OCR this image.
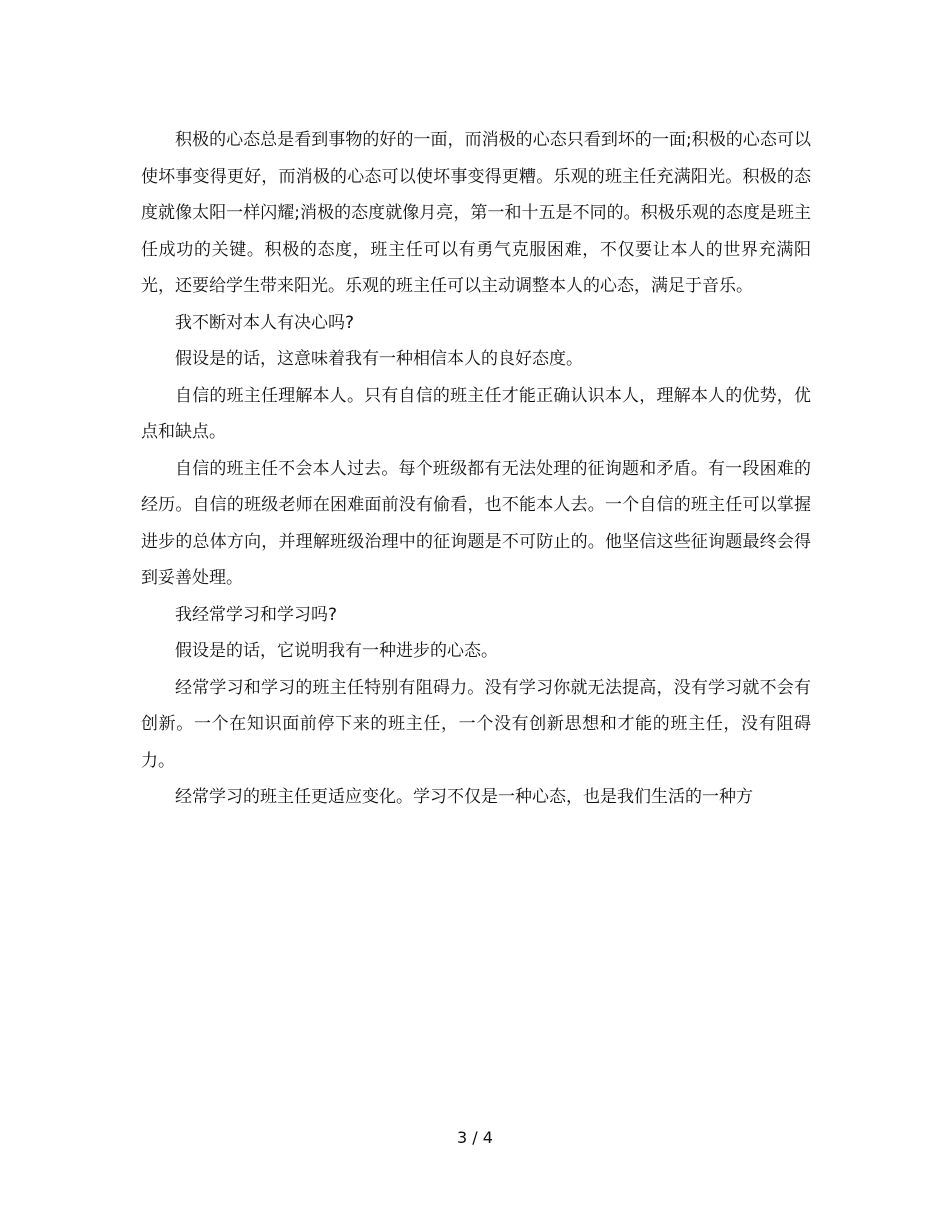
积极的心态总是看到事物的好的一面，而消极的心态只看到坏的一面;积极的心态可以使坏事变得更好，而消极的心态可以使坏事变得更糟。乐观的班主任充满阳光。积极的态度就像太阳一样闪耀;消极的态度就像月亮，第一和十五是不同的。积极乐观的态度是班主任成功的关键。积极的态度，班主任可以有勇气克服困难，不仅要让本人的世界充满阳光，还要给学生带来阳光。乐观的班主任可以主动调整本人的心态，满足于音乐。

我不断对本人有决心吗?

假设是的话，这意味着我有一种相信本人的良好态度。

自信的班主任理解本人。只有自信的班主任才能正确认识本人，理解本人的优势，优点和缺点。

自信的班主任不会本人过去。每个班级都有无法处理的征询题和矛盾。有一段困难的经历。自信的班级老师在困难面前没有偷看，也不能本人去。一个自信的班主任可以掌握进步的总体方向，并理解班级治理中的征询题是不可防止的。他坚信这些征询题最终会得到妥善处理。

我经常学习和学习吗?

假设是的话，它说明我有一种进步的心态。

经常学习和学习的班主任特别有阻碍力。没有学习你就无法提高，没有学习就不会有创新。一个在知识面前停下来的班主任，一个没有创新思想和才能的班主任，没有阻碍力。

经常学习的班主任更适应变化。学习不仅是一种心态，也是我们生活的一种方

3 / 4
